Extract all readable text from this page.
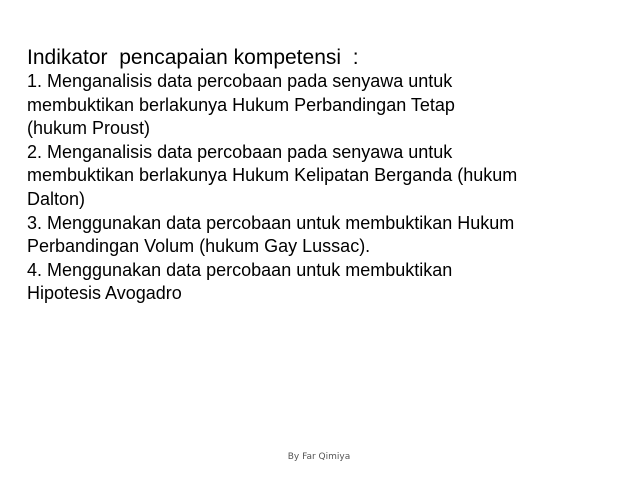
Indikator  pencapaian kompetensi  :

1. Menganalisis data percobaan pada senyawa untuk

membuktikan berlakunya Hukum Perbandingan Tetap

(hukum Proust)

2. Menganalisis data percobaan pada senyawa untuk

membuktikan berlakunya Hukum Kelipatan Berganda (hukum

Dalton)

3. Menggunakan data percobaan untuk membuktikan Hukum

Perbandingan Volum (hukum Gay Lussac).

4. Menggunakan data percobaan untuk membuktikan

Hipotesis Avogadro

By Far Qimiya
